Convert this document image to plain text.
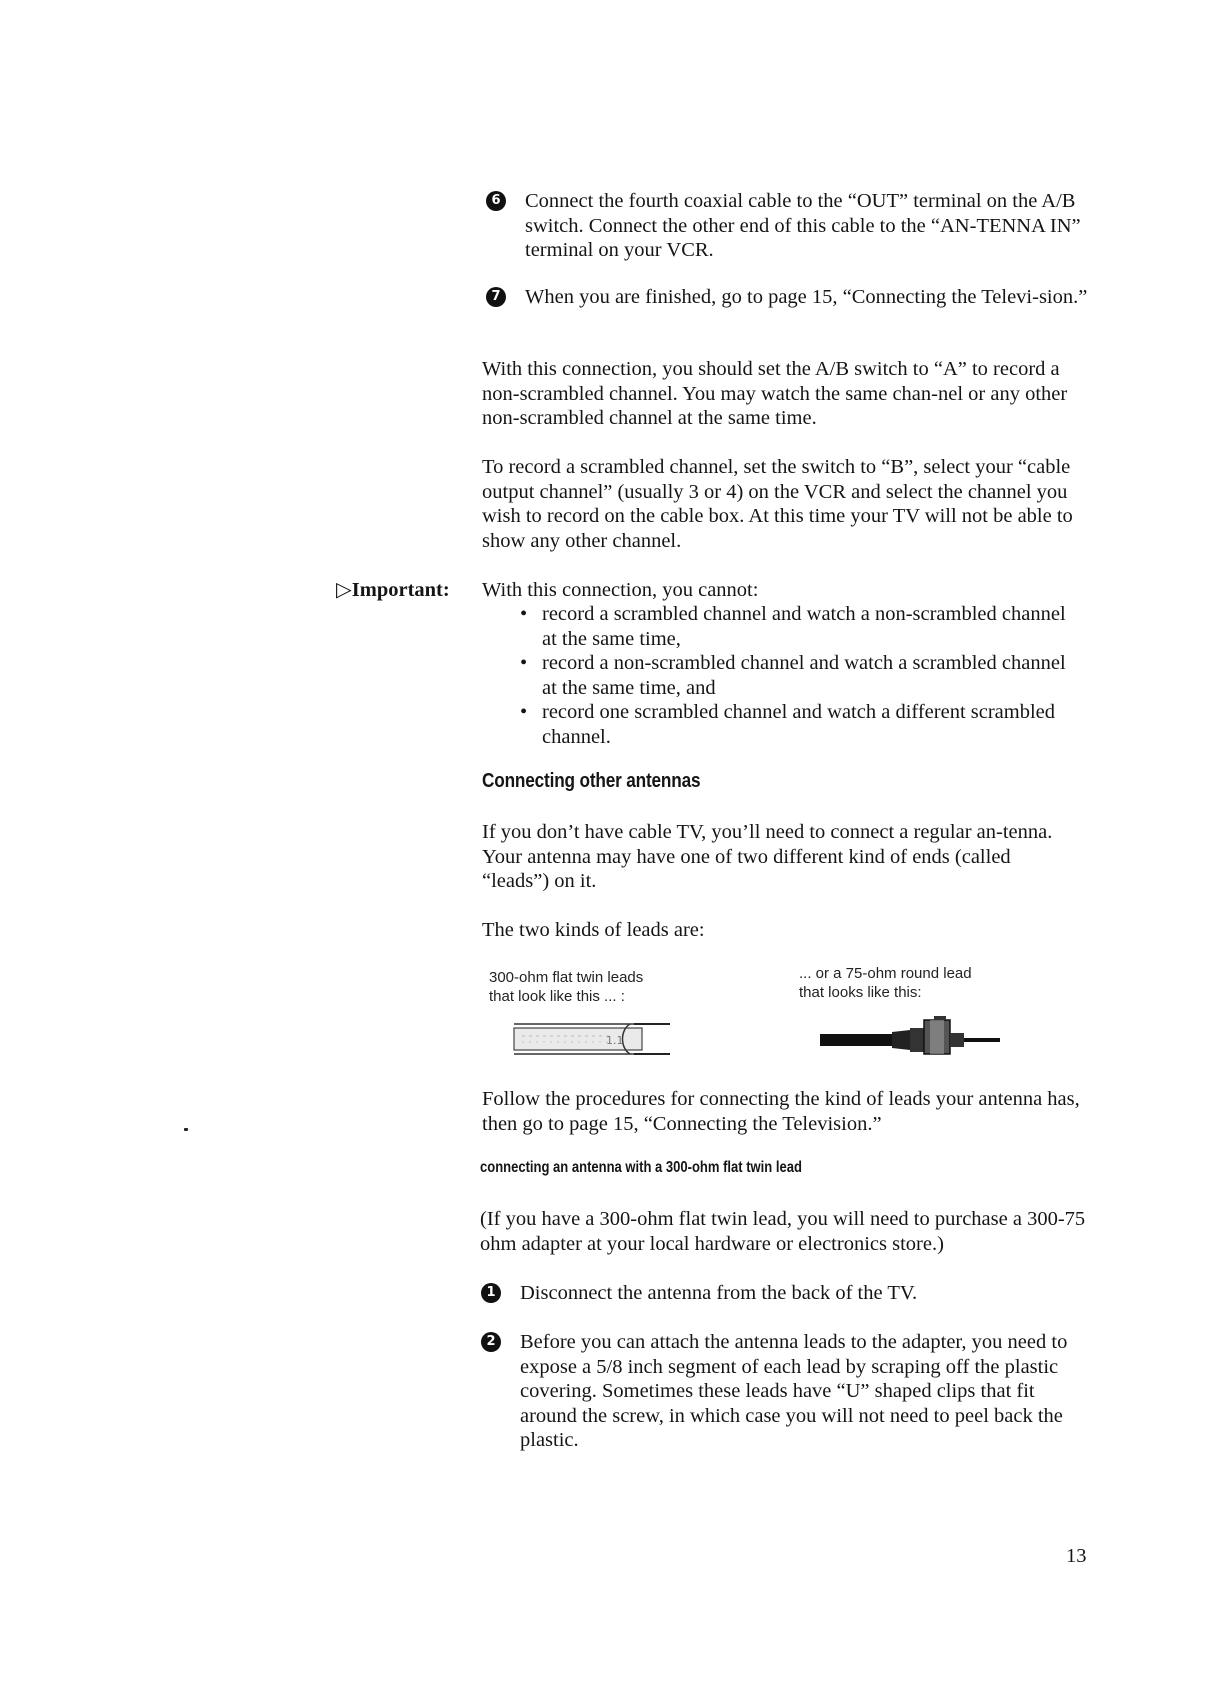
6 Connect the fourth coaxial cable to the “OUT” terminal on the A/B switch. Connect the other end of this cable to the “AN-TENNA IN” terminal on your VCR.
7 When you are finished, go to page 15, “Connecting the Televi-sion.”

With this connection, you should set the A/B switch to “A” to record a non-scrambled channel. You may watch the same chan-nel or any other non-scrambled channel at the same time.

To record a scrambled channel, set the switch to “B”, select your “cable output channel” (usually 3 or 4) on the VCR and select the channel you wish to record on the cable box. At this time your TV will not be able to show any other channel.

▷Important: With this connection, you cannot:

• record a scrambled channel and watch a non-scrambled channel at the same time,
• record a non-scrambled channel and watch a scrambled channel at the same time, and
• record one scrambled channel and watch a different scrambled channel.
Connecting other antennas

If you don’t have cable TV, you’ll need to connect a regular an-tenna. Your antenna may have one of two different kind of ends (called “leads”) on it.

The two kinds of leads are:

300-ohm flat twin leads
that look like this ... :
... or a 75-ohm round lead
that looks like this:
1.1

Follow the procedures for connecting the kind of leads your antenna has, then go to page 15, “Connecting the Television.”

connecting an antenna with a 300-ohm flat twin lead

(If you have a 300-ohm flat twin lead, you will need to purchase a 300-75 ohm adapter at your local hardware or electronics store.)

1 Disconnect the antenna from the back of the TV.
2 Before you can attach the antenna leads to the adapter, you need to expose a 5/8 inch segment of each lead by scraping off the plastic covering. Sometimes these leads have “U” shaped clips that fit around the screw, in which case you will not need to peel back the plastic.
13
